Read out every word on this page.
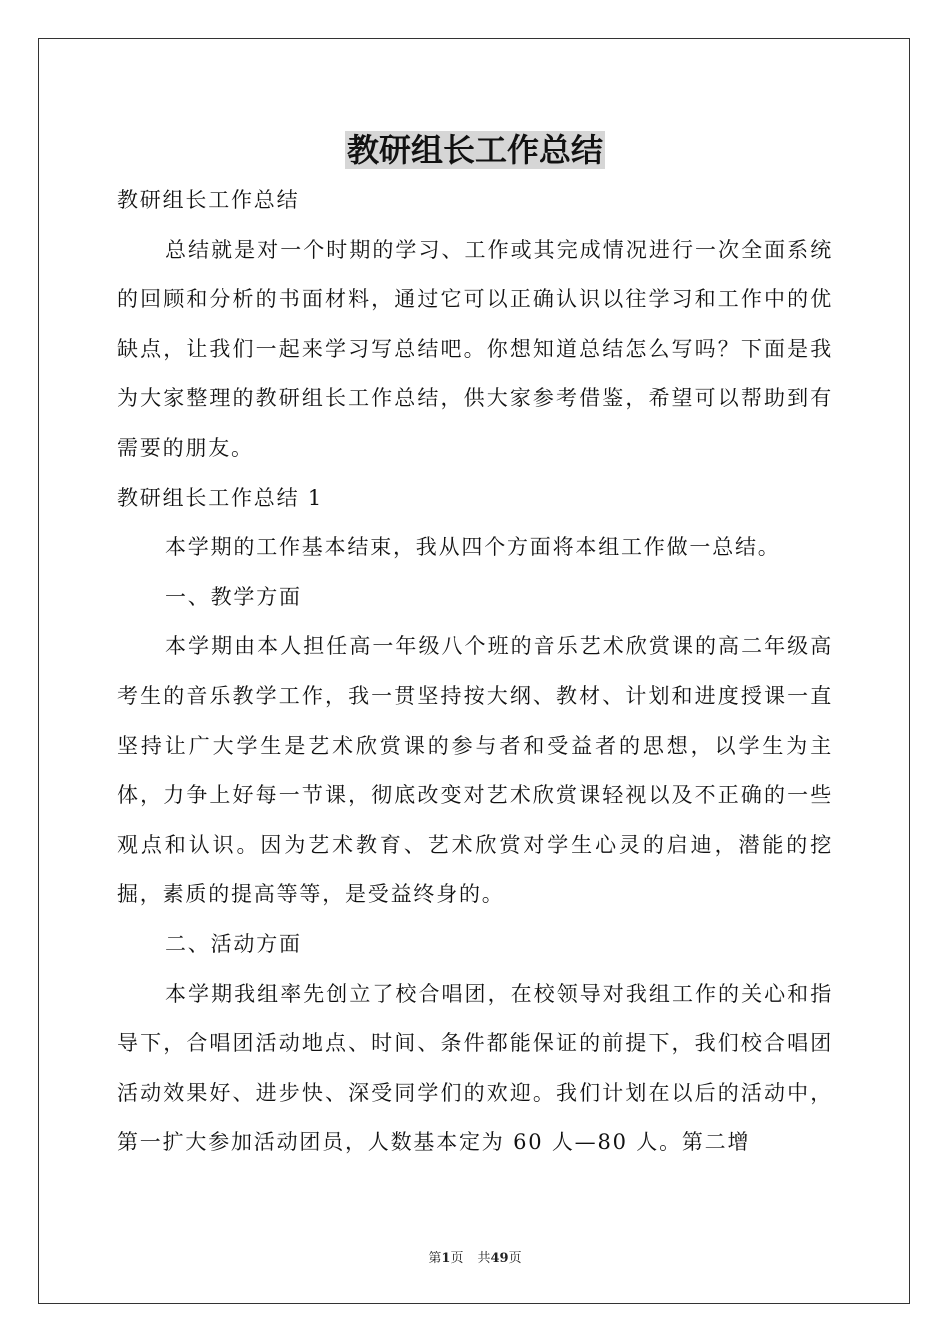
教研组长工作总结

教研组长工作总结

总结就是对一个时期的学习、工作或其完成情况进行一次全面系统的回顾和分析的书面材料，通过它可以正确认识以往学习和工作中的优缺点，让我们一起来学习写总结吧。你想知道总结怎么写吗？下面是我为大家整理的教研组长工作总结，供大家参考借鉴，希望可以帮助到有需要的朋友。

教研组长工作总结 1

本学期的工作基本结束，我从四个方面将本组工作做一总结。

一、教学方面

本学期由本人担任高一年级八个班的音乐艺术欣赏课的高二年级高考生的音乐教学工作，我一贯坚持按大纲、教材、计划和进度授课一直坚持让广大学生是艺术欣赏课的参与者和受益者的思想，以学生为主体，力争上好每一节课，彻底改变对艺术欣赏课轻视以及不正确的一些观点和认识。因为艺术教育、艺术欣赏对学生心灵的启迪，潜能的挖掘，素质的提高等等，是受益终身的。

二、活动方面

本学期我组率先创立了校合唱团，在校领导对我组工作的关心和指导下，合唱团活动地点、时间、条件都能保证的前提下，我们校合唱团活动效果好、进步快、深受同学们的欢迎。我们计划在以后的活动中，第一扩大参加活动团员，人数基本定为 60 人—80 人。第二增

第1页 共49页
